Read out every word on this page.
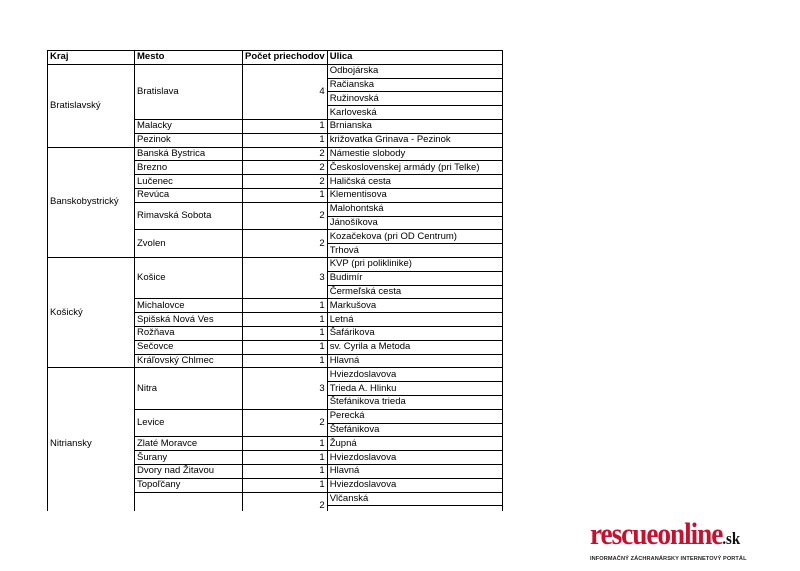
Kraj	Mesto	Počet priechodov	Ulica
Bratislavský	Bratislava	4	Odbojárska
			Račianska
			Ružinovská
			Karloveská
	Malacky	1	Brnianska
	Pezinok	1	križovatka Grinava - Pezinok
Banskobystrický	Banská Bystrica	2	Námestie slobody
	Brezno	2	Československej armády (pri Telke)
	Lučenec	2	Haličská cesta
	Revúca	1	Klementisova
	Rimavská Sobota	2	Malohontská
			Jánošíkova
	Zvolen	2	Kozačekova (pri OD Centrum)
			Trhová
Košický	Košice	3	KVP (pri poliklinike)
			Budimír
			Čermeľská cesta
	Michalovce	1	Markušova
	Spišská Nová Ves	1	Letná
	Rožňava	1	Šafárikova
	Sečovce	1	sv. Cyrila a Metoda
	Kráľovský Chlmec	1	Hlavná
Nitriansky	Nitra	3	Hviezdoslavova
			Trieda A. Hlinku
			Štefánikova trieda
	Levice	2	Perecká
			Štefánikova
	Zlaté Moravce	1	Župná
	Šurany	1	Hviezdoslavova
	Dvory nad Žitavou	1	Hlavná
	Topoľčany	1	Hviezdoslavova
		2	Vlčanská

rescueonline.sk
INFORMAČNÝ ZÁCHRANÁRSKY INTERNETOVÝ PORTÁL
